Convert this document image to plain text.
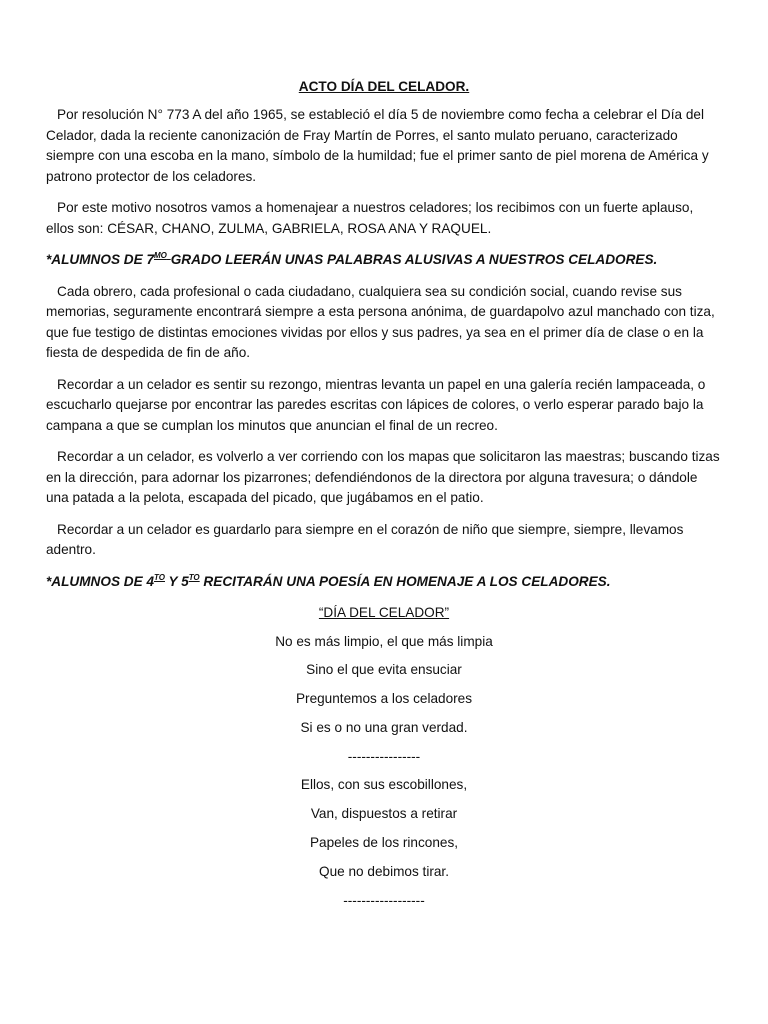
ACTO DÍA DEL CELADOR.

Por resolución N° 773 A del año 1965, se estableció el día 5 de noviembre como fecha a celebrar el Día del Celador, dada la reciente canonización de Fray Martín de Porres, el santo mulato peruano, caracterizado siempre con una escoba en la mano, símbolo de la humildad; fue el primer santo de piel morena de América y patrono protector de los celadores.

Por este motivo nosotros vamos a homenajear a nuestros celadores; los recibimos con un fuerte aplauso, ellos son: CÉSAR, CHANO, ZULMA, GABRIELA, ROSA ANA Y RAQUEL.

*ALUMNOS DE $7^{MO}$ GRADO LEERÁN UNAS PALABRAS ALUSIVAS A NUESTROS CELADORES.

Cada obrero, cada profesional o cada ciudadano, cualquiera sea su condición social, cuando revise sus memorias, seguramente encontrará siempre a esta persona anónima, de guardapolvo azul manchado con tiza, que fue testigo de distintas emociones vividas por ellos y sus padres, ya sea en el primer día de clase o en la fiesta de despedida de fin de año.

Recordar a un celador es sentir su rezongo, mientras levanta un papel en una galería recién lampaceada, o escucharlo quejarse por encontrar las paredes escritas con lápices de colores, o verlo esperar parado bajo la campana a que se cumplan los minutos que anuncian el final de un recreo.

Recordar a un celador, es volverlo a ver corriendo con los mapas que solicitaron las maestras; buscando tizas en la dirección, para adornar los pizarrones; defendiéndonos de la directora por alguna travesura; o dándole una patada a la pelota, escapada del picado, que jugábamos en el patio.

Recordar a un celador es guardarlo para siempre en el corazón de niño que siempre, siempre, llevamos adentro.

*ALUMNOS DE $4^{TO}$ Y $5^{TO}$ RECITARÁN UNA POESÍA EN HOMENAJE A LOS CELADORES.

“DÍA DEL CELADOR”
No es más limpio, el que más limpia
Sino el que evita ensuciar
Preguntemos a los celadores
Si es o no una gran verdad.
----------------
Ellos, con sus escobillones,
Van, dispuestos a retirar
Papeles de los rincones,
Que no debimos tirar.
------------------
